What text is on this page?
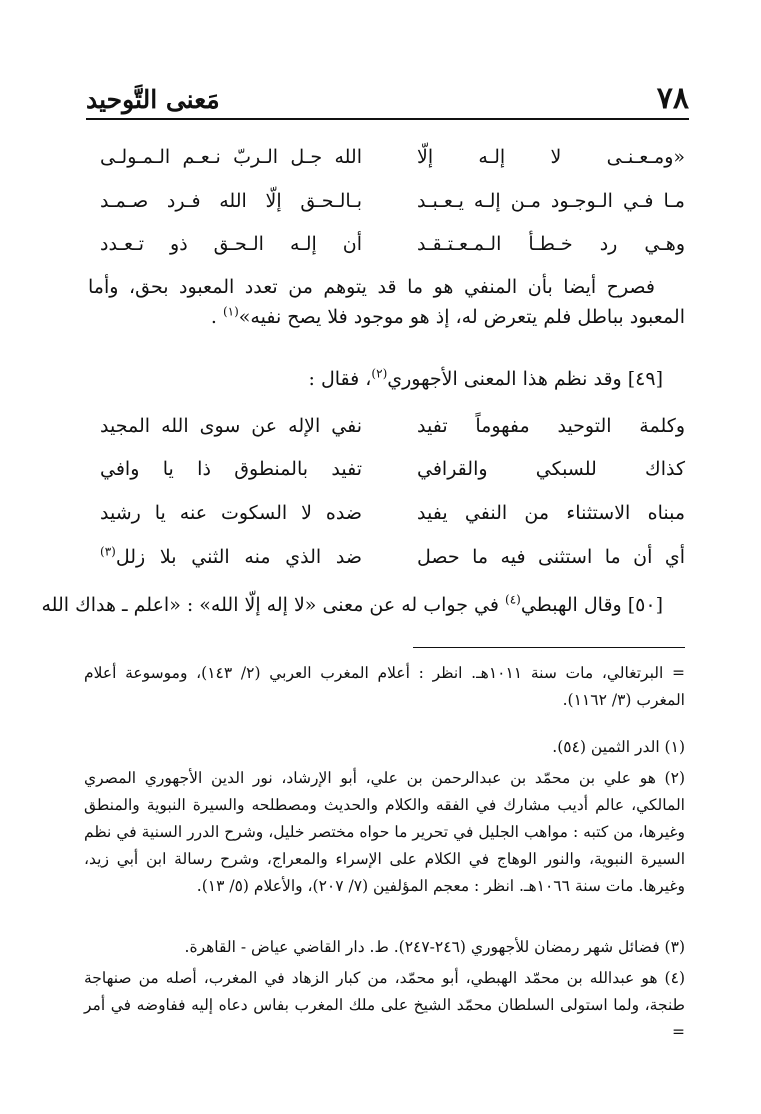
٧٨
مَعنى التَّوحيد
«ومـعـنـى لا إلـه إلّا
الله جـل الـربّ نـعـم الـمـولـى
مـا فـي الـوجـود مـن إلـه يـعـبـد
بـالـحـق إلّا الله فـرد صـمـد
وهـي رد خـطـأ الـمـعـتـقـد
أن إلـه الـحـق ذو تـعـدد
فصرح أيضا بأن المنفي هو ما قد يتوهم من تعدد المعبود بحق، وأما المعبود بباطل فلم يتعرض له، إذ هو موجود فلا يصح نفيه»$^{(١)}$ .
[٤٩] وقد نظم هذا المعنى الأجهوري$^{(٢)}$، فقال :
وكلمة التوحيد مفهوماً تفيد
نفي الإله عن سوى الله المجيد
كذاك للسبكي والقرافي
تفيد بالمنطوق ذا يا وافي
مبناه الاستثناء من النفي يفيد
ضده لا السكوت عنه يا رشيد
أي أن ما استثنى فيه ما حصل
ضد الذي منه الثني بلا زلل$^{(٣)}$
[٥٠] وقال الهبطي$^{(٤)}$ في جواب له عن معنى «لا إله إلّا الله» : «اعلم ـ هداك الله
= البرتغالي، مات سنة ١٠١١هـ. انظر : أعلام المغرب العربي (٢/ ١٤٣)، وموسوعة أعلام المغرب (٣/ ١١٦٢).
(١) الدر الثمين (٥٤).
(٢) هو علي بن محمّد بن عبدالرحمن بن علي، أبو الإرشاد، نور الدين الأجهوري المصري المالكي، عالم أديب مشارك في الفقه والكلام والحديث ومصطلحه والسيرة النبوية والمنطق وغيرها، من كتبه : مواهب الجليل في تحرير ما حواه مختصر خليل، وشرح الدرر السنية في نظم السيرة النبوية، والنور الوهاج في الكلام على الإسراء والمعراج، وشرح رسالة ابن أبي زيد، وغيرها. مات سنة ١٠٦٦هـ. انظر : معجم المؤلفين (٧/ ٢٠٧)، والأعلام (٥/ ١٣).
(٣) فضائل شهر رمضان للأجهوري (٢٤٦-٢٤٧). ط. دار القاضي عياض - القاهرة.
(٤) هو عبدالله بن محمّد الهبطي، أبو محمّد، من كبار الزهاد في المغرب، أصله من صنهاجة طنجة، ولما استولى السلطان محمّد الشيخ على ملك المغرب بفاس دعاه إليه ففاوضه في أمر =
